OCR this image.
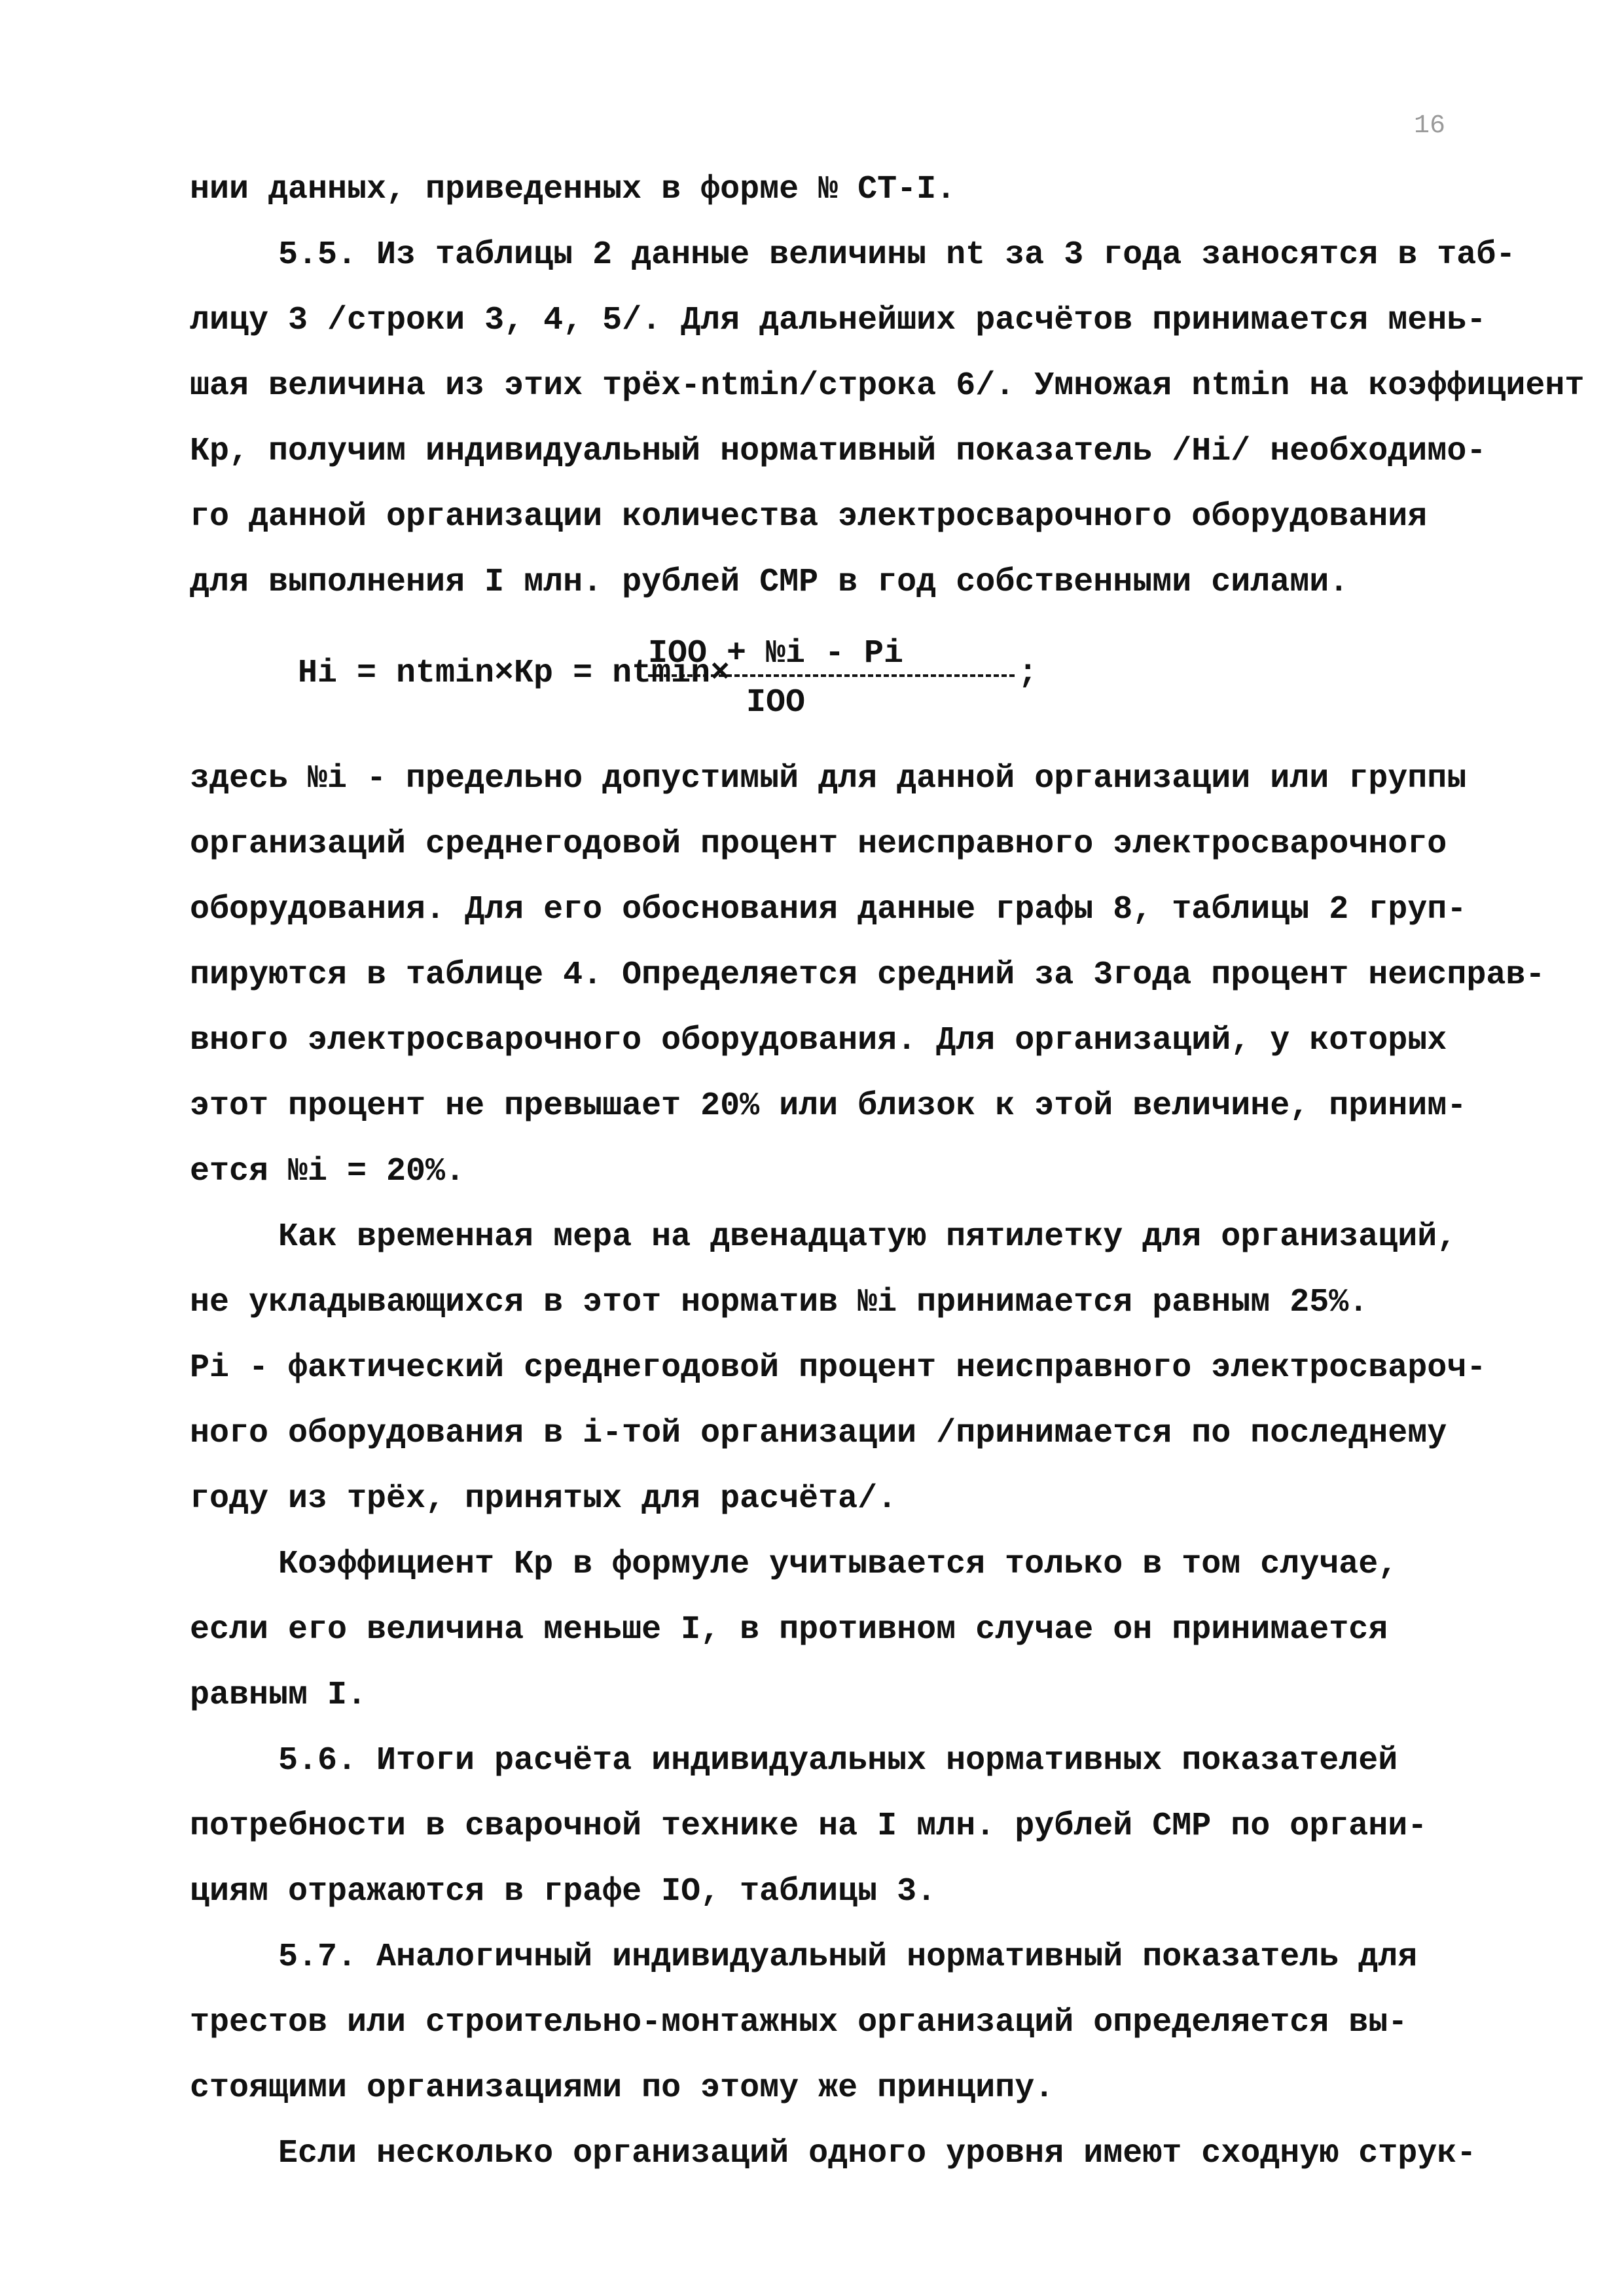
16
нии данных, приведенных в форме № СТ-I.
5.5. Из таблицы 2 данные величины nt за 3 года заносятся в таб-
лицу 3 /строки 3, 4, 5/. Для дальнейших расчётов принимается мень-
шая величина из этих трёх-ntmin/строка 6/. Умножая ntmin на коэффициент
Кр, получим индивидуальный нормативный показатель /Нi/ необходимо-
го данной организации количества электросварочного оборудования
для выполнения I млн. рублей СМР в год собственными силами.
Нi = ntmin×Кр = ntmin×
IOO + №i - Рi
IOO
;
здесь №i - предельно допустимый для данной организации или группы
организаций среднегодовой процент неисправного электросварочного
оборудования. Для его обоснования данные графы 8, таблицы 2 груп-
пируются в таблице 4. Определяется средний за 3года процент неисправ-
вного электросварочного оборудования. Для организаций, у которых
этот процент не превышает 20% или близок к этой величине, приним-
ется №i = 20%.
Как временная мера на двенадцатую пятилетку для организаций,
не укладывающихся в этот норматив №i принимается равным 25%.
Рi - фактический среднегодовой процент неисправного электросвароч-
ного оборудования в i-той организации /принимается по последнему
году из трёх, принятых для расчёта/.
Коэффициент Кр в формуле учитывается только в том случае,
если его величина меньше I, в противном случае он принимается
равным I.
5.6. Итоги расчёта индивидуальных нормативных показателей
потребности в сварочной технике на I млн. рублей СМР по органи-
циям отражаются в графе IO, таблицы 3.
5.7. Аналогичный индивидуальный нормативный показатель для
трестов или строительно-монтажных организаций определяется вы-
стоящими организациями по этому же принципу.
Если несколько организаций одного уровня имеют сходную струк-
